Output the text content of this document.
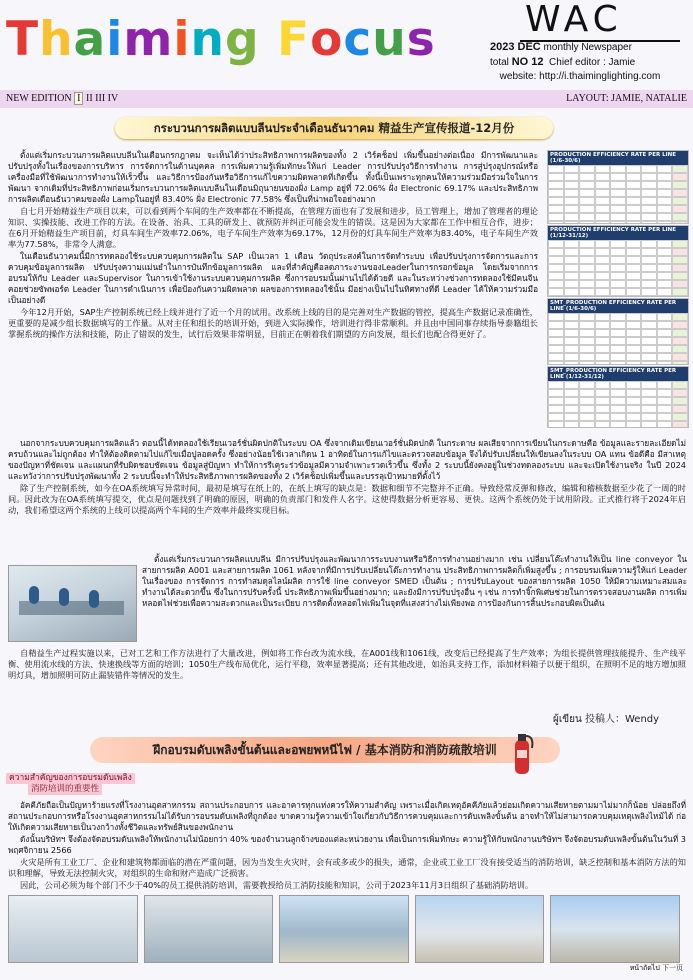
Thaiming Focus WAC
2023 DEC monthly Newspaper
total NO 12 Chief editor : Jamie
website: http://i.thaiminglighting.com
NEW EDITION I II III IV	LAYOUT: JAMIE, NATALIE
กระบวนการผลิตแบบลีนประจำเดือนธันวาคม 精益生产宣传报道-12月份

ตั้งแต่เริ่มกระบวนการผลิตแบบลีนในเดือนกรกฎาคม จะเห็นได้ว่าประสิทธิภาพการผลิตของทั้ง 2 เวิร์คช็อป เพิ่มขึ้นอย่างต่อเนื่อง มีการพัฒนาและปรับปรุงทั้งในเรื่องของการบริหาร การจัดการในด้านบุคคล การเพิ่มความรู้เพิ่มทักษะให้แก่ Leader การปรับปรุงวิธีการทำงาน การสู่ปรุงอุปกรณ์หรือเครื่องมือที่ใช้พัฒนาการทำงานให้เร็วขึ้น และวิธีการป้องกันหรือวิธีการแก้ไขความผิดพลาดที่เกิดขึ้น ทั้งนี้เป็นเพราะทุกคนให้ความร่วมมือร่วมใจในการพัฒนา จากเดิมที่ประสิทธิภาพก่อนเริ่มกระบวนการผลิตแบบลีนในเดือนมิถุนายนของฝั่ง Lamp อยู่ที่ 72.06% ฝั่ง Electronic 69.17% และประสิทธิภาพการผลิตเดือนธันวาคมของฝั่ง Lampในอยู่ที่ 83.40% ฝั่ง Electronic 77.58% ซึ่งเป็นที่น่าพอใจอย่างมาก

自七月开始精益生产项目以来，可以看到两个车间的生产效率都在不断提高，在管理方面也有了发展和进步，员工管理上，增加了管理者的理论知识、实操技能、改进工作的方法。在设备、治具、工具的研发上、就预防并纠正可能会发生的错误。这是因为大家都在工作中相互合作，进步；在6月开始精益生产项目前，灯具车间生产效率72.06%，电子车间生产效率为69.17%，12月份的灯具车间生产效率为83.40%，电子车间生产效率为77.58%，非常令人满意。

ในเดือนธันวาคมนี้มีการทดลองใช้ระบบควบคุมการผลิตใน SAP เป็นเวลา 1 เดือน วัตถุประสงค์ในการจัดทำระบบ เพื่อปรับปรุงการจัดการและการควบคุมข้อมูลการผลิต ปรับปรุงความแม่นยำในการบันทึกข้อมูลการผลิต และที่สำคัญคือลดภาระงานของLeaderในการกรอกข้อมูล โดยเริ่มจากการอบรมให้กับ Leader และSupervisor ในการเข้าใช้งานระบบควบคุมการผลิต ซึ่งการอบรมนั้นผ่านไปได้ด้วยดี และในระหว่างช่วงการทดลองใช้มีคนจีนคอยช่วยซัพพอร์ต Leader ในการดำเนินการ เพื่อป้องกันความผิดพลาด ผลของการทดลองใช้นั้น มีอย่างเป็นไปในทิศทางที่ดี Leader ได้ให้ความร่วมมือเป็นอย่างดี

今年12月开始，SAP生产控制系统已经上线并进行了近一个月的试用。改系统上线的目的是完善对生产数据的管控，提高生产数据记录准确性，更重要的是减少组长数据填写的工作量。从对主任和组长的培训开始，到进入实际操作，培训进行得非常顺利。并且由中国同事存续指导泰籍组长掌握系统的操作方法和技能，防止了错误的发生，试行后效果非常明显，目前正在朝着我们期望的方向发展，组长们也配合得更好了。

PRODUCTION EFFICIENCY RATE PER LINE (1/6-30/6)
PRODUCTION EFFICIENCY RATE PER LINE (1/12-31/12)
SMT_PRODUCTION EFFICIENCY RATE PER LINE (1/6-30/6)
SMT_PRODUCTION EFFICIENCY RATE PER LINE (1/12-31/12)

นอกจากระบบควบคุมการผลิตแล้ว ตอนนี้ได้ทดลองใช้เรียนเวอร์ชั่นผิดปกติในระบบ OA ซึ่งจากเดิมเขียนเวอร์ชั่นผิดปกติ ในกระดาษ ผลเสียจากการเขียนในกระดาษคือ ข้อมูลและรายละเอียดไม่ครบถ้วนและไม่ถูกต้อง ทำให้ต้องติดตามไปแก้ไขเมื่อปูลอดครั้ง ซึ่งอย่างน้อยใช้เวลาเกิดน 1 อาทิตย์ในการแก้ไขและตรวจสอบข้อมูล จึงได้ปรับเปลี่ยนให้เขียนลงในระบบ OA แทน ข้อดีคือ มีสาเหตุของปัญหาที่ชัดเจน และแผนกที่รับผิดชอบชัดเจน ข้อมูลสู่ปัญหา ทำให้การรีเคุระร่วข้อมูลมีความจำเพาะรวดเร็วขึ้น ซึ่งทั้ง 2 ระบบนี้ยังคงอยู่ในช่วงทดลองระบบ และจะเปิดใช้งานจริง ในปี 2024 และหวังว่าการปรับปรุงพัฒนาทั้ง 2 ระบบนี้จะทำให้ประสิทธิภาพการผลิตของทั้ง 2 เวิร์คช็อปเพิ่มขึ้นและบรรลุเป้าหมายที่ตั้งไว้

除了生产控制系统，如今在OA系统填写异常时间，最初是填写在纸上的，在纸上填写的缺点是：数据和细节不完整并不正确。导致经常反弹和修改，编辑和稽核数据至少花了一周的时间。因此改为在OA系统填写提交，优点是问题找到了明确的原因，明确的负责部门和发件人名字。这使得数据分析更容易、更快。这两个系统仍处于试用阶段。正式推行将于2024年启动，我们希望这两个系统的上线可以提高两个车间的生产效率并最终实现目标。

ตั้งแต่เริ่มกระบวนการผลิตแบบลีน มีการปรับปรุงและพัฒนาการระบบงานหรือวิธีการทำงานอย่างมาก เช่น เปลี่ยนโต๊ะทำงานให้เป็น line conveyor ในสายการผลิต A001 และสายการผลิต 1061 หลังจากที่มีการปรับเปลี่ยนโต๊ะการทำงาน ประสิทธิภาพการผลิตก็เพิ่มสูงขึ้น ; การอบรมเพิ่มความรู้ให้แก่ Leader ในเรื่องของ การจัดการ การทำสมดุลไลน์ผลิต การใช้ line conveyor SMED เป็นต้น ; การปรับLayout ของสายการผลิต 1050 ให้มีความเหมาะสมและทำงานได้สะดวกขึ้น ซึ่งในการปรับครั้งนี้ ประสิทธิภาพเพิ่มขึ้นอย่างมาก; และยังมีการปรับปรุงอื่น ๆ เช่น การทำจิ๊กพิเศษช่วยในการตรวจสอบงานผลิต การเพิ่มหลอดไฟช่วยเพื่อความสะดวกและเป็นระเบียบ การติดตั้งหลอดไฟเพิ่มในจุดที่แสงสว่างไม่เพียงพอ การป้องกันการสิ้นประกอบผิดเป็นต้น

自精益生产过程实施以来，已对工艺和工作方法进行了大量改进，例如将工作台改为流水线，在A001线和1061线，改变后已经提高了生产效率；为组长提供管理技能提升、生产线平衡、使用流水线的方法、快速换线等方面的培训；1050生产线布局优化，运行平稳，效率显著提高；还有其他改进，如治具支持工作，添加材料箱子以便于组织，在照明不足的地方增加照明灯具，增加照明可防止漏装错件等情况的发生。

ผู้เขียน 投稿人：Wendy
ฝึกอบรมดับเพลิงขั้นต้นและอพยพหนีไฟ / 基本消防和消防疏散培训
ความสำคัญของการอบรมดับเพลิง
消防培训的重要性

อัคคีภัยถือเป็นปัญหาร้ายแรงที่โรงงานอุตสาหกรรม สถานประกอบการ และอาคารทุกแห่งควรให้ความสำคัญ เพราะเมื่อเกิดเหตุอัคคีภัยแล้วย่อมเกิดความเสียหายตามมาไม่มากก็น้อย ปล่อยถึงที่สถานประกอบการหรือโรงงานอุตสาหกรรมไม่ได้รับการอบรมดับเพลิงที่ถูกต้อง ขาดความรู้ความเข้าใจเกี่ยวกับวิธีการควบคุมและการดับเพลิงขั้นต้น อาจทำให้ไม่สามารถควบคุมเหตุเพลิงไหม้ได้ ก่อให้เกิดความเสียหายเป็นวงกว้างทั้งชีวิตและทรัพย์สินของพนักงาน

ดังนั้นบริษัทฯ จึงต้องจัดอบรมดับเพลิงให้พนักงานไม่น้อยกว่า 40% ของจำนวนลูกจ้างของแต่ละหน่วยงาน เพื่อเป็นการเพิ่มทักษะ ความรู้ให้กับพนักงานบริษัทฯ จึงจัดอบรมดับเพลิงขั้นต้นในวันที่ 3 พฤศจิกายน 2566

火灾是所有工业工厂、企业和建筑物都面临的潜在严重问题，因为当发生火灾时，会有或多或少的损失，通常，企业或工业工厂没有接受适当的消防培训，缺乏控制和基本消防方法的知识和理解，导致无法控制火灾，对组织的生命和财产造成广泛损害。

因此，公司必须为每个部门不少于40%的员工提供消防培训，需要教授给员工消防技能和知识，公司于2023年11月3日组织了基础消防培训。

หน้าถัดไป 下一页
